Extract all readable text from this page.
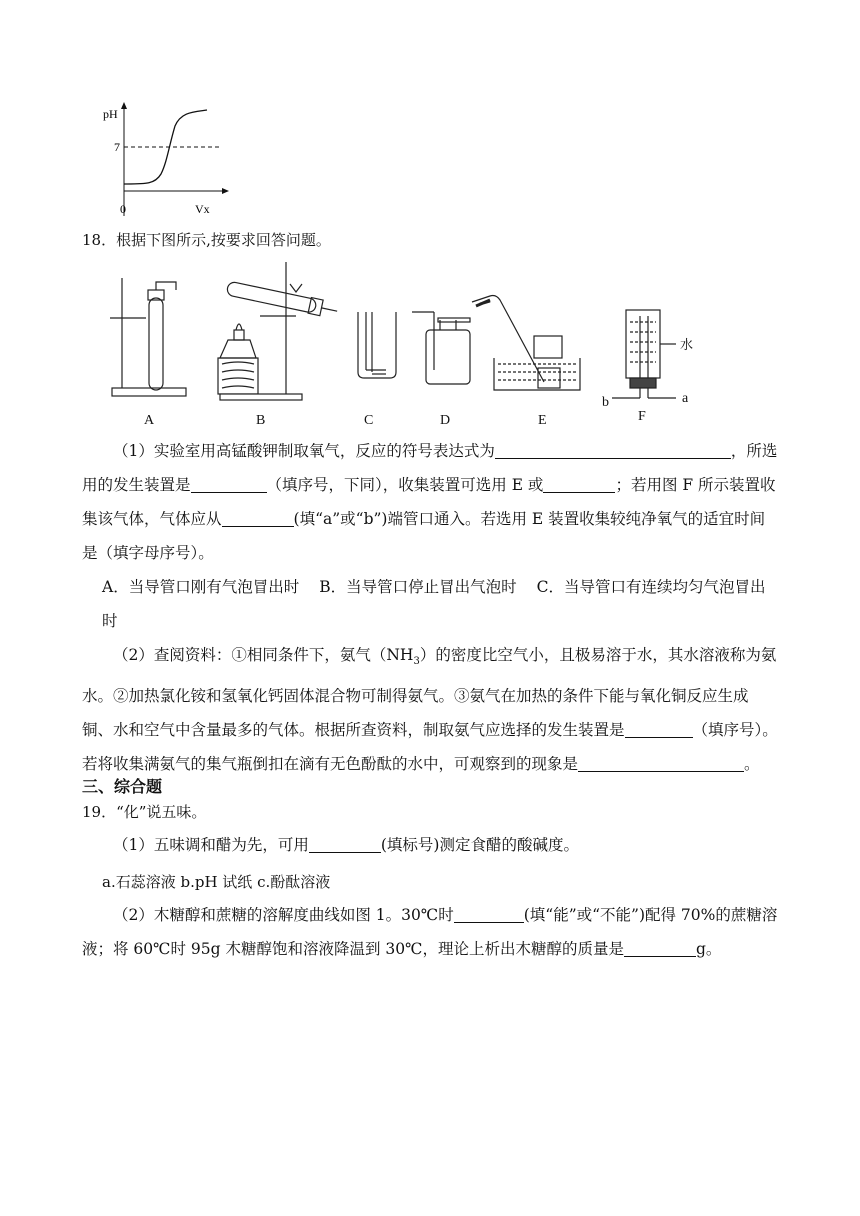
pH
7
0	Vx
18．根据下图所示,按要求回答问题。
A	B	C	D	E	F
水
b	a
（1）实验室用高锰酸钾制取氧气，反应的符号表达式为	，所选用的发生装置是	（填序号，下同），收集装置可选用 E 或	；若用图 F 所示装置收集该气体，气体应从	(填“a”或“b”)端管口通入。若选用 E 装置收集较纯净氧气的适宜时间是（填字母序号）。
A．当导管口刚有气泡冒出时 B．当导管口停止冒出气泡时 C．当导管口有连续均匀气泡冒出时
（2）查阅资料：①相同条件下，氨气$(NH_3)$的密度比空气小，且极易溶于水，其水溶液称为氨水。②加热氯化铵和氢氧化钙固体混合物可制得氨气。③氨气在加热的条件下能与氧化铜反应生成铜、水和空气中含量最多的气体。根据所查资料，制取氨气应选择的发生装置是	（填序号）。若将收集满氨气的集气瓶倒扣在滴有无色酚酞的水中，可观察到的现象是	。
三、综合题
19．“化”说五味。
（1）五味调和醋为先，可用	(填标号)测定食醋的酸碱度。
a.石蕊溶液 b.pH 试纸 c.酚酞溶液
（2）木糖醇和蔗糖的溶解度曲线如图 1。30℃时	(填“能”或“不能”)配得 70%的蔗糖溶液；将 60℃时 95g 木糖醇饱和溶液降温到 30℃，理论上析出木糖醇的质量是	g。
